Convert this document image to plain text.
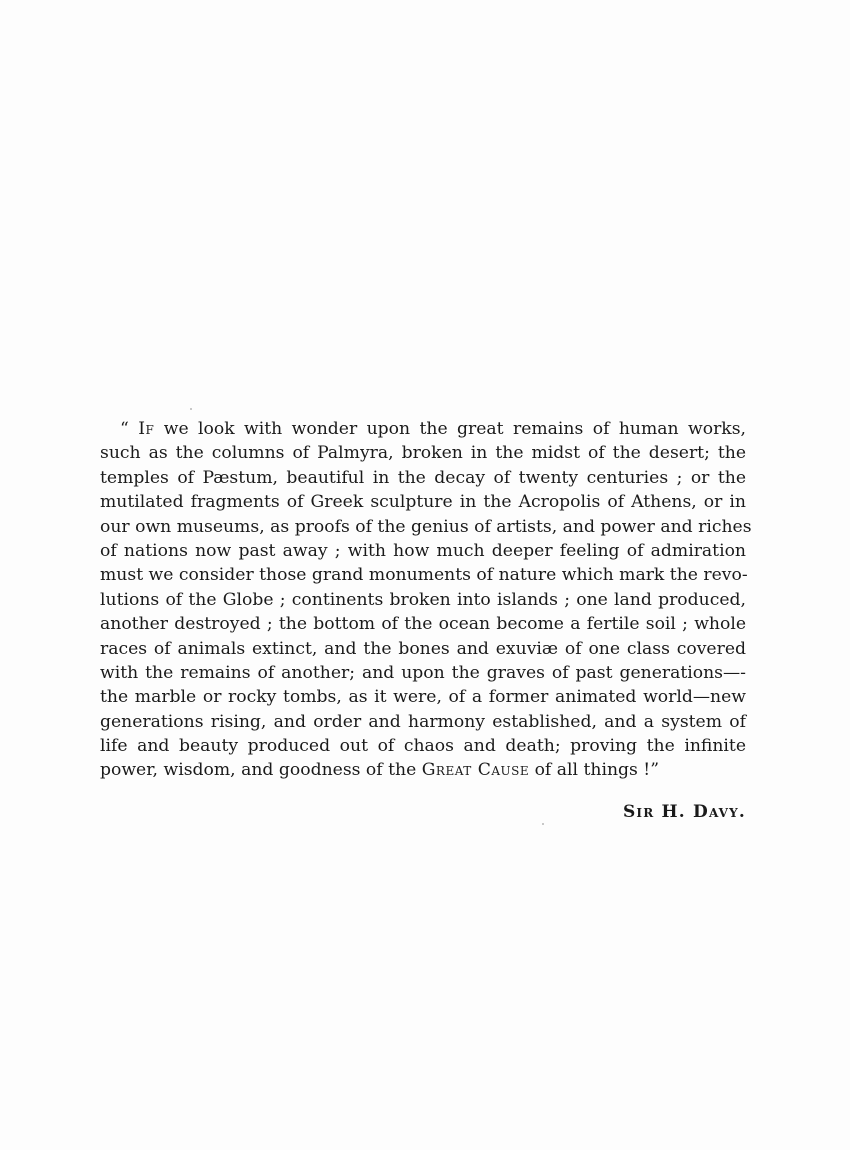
“ If we look with wonder upon the great remains of human works,
such as the columns of Palmyra, broken in the midst of the desert; the
temples of Pæstum, beautiful in the decay of twenty centuries ; or the
mutilated fragments of Greek sculpture in the Acropolis of Athens, or in
our own museums, as proofs of the genius of artists, and power and riches
of nations now past away ; with how much deeper feeling of admiration
must we consider those grand monuments of nature which mark the revo-
lutions of the Globe ; continents broken into islands ; one land produced,
another destroyed ; the bottom of the ocean become a fertile soil ; whole
races of animals extinct, and the bones and exuviæ of one class covered
with the remains of another; and upon the graves of past generations—-
the marble or rocky tombs, as it were, of a former animated world—new
generations rising, and order and harmony established, and a system of
life and beauty produced out of chaos and death; proving the infinite
power, wisdom, and goodness of the Great Cause of all things !”
Sir H. Davy.
